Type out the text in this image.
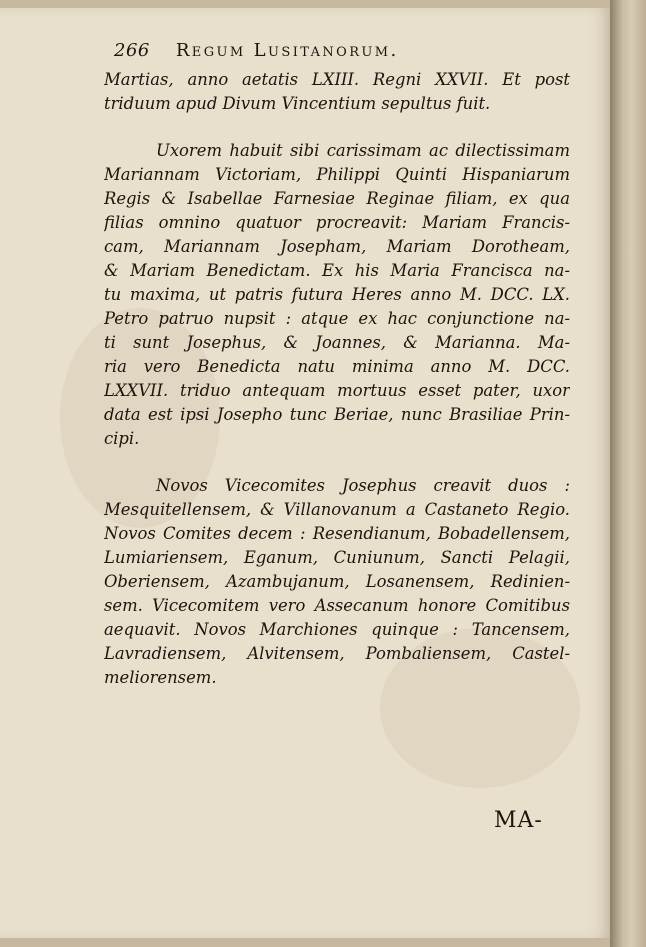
266 Regum Lusitanorum.
Martias, anno aetatis LXIII. Regni XXVII. Et post
triduum apud Divum Vincentium sepultus fuit.
Uxorem habuit sibi carissimam ac dilectissimam
Mariannam Victoriam, Philippi Quinti Hispaniarum
Regis & Isabellae Farnesiae Reginae filiam, ex qua
filias omnino quatuor procreavit: Mariam Francis-
cam, Mariannam Josepham, Mariam Dorotheam,
& Mariam Benedictam. Ex his Maria Francisca na-
tu maxima, ut patris futura Heres anno M. DCC. LX.
Petro patruo nupsit : atque ex hac conjunctione na-
ti sunt Josephus, & Joannes, & Marianna. Ma-
ria vero Benedicta natu minima anno M. DCC.
LXXVII. triduo antequam mortuus esset pater, uxor
data est ipsi Josepho tunc Beriae, nunc Brasiliae Prin-
cipi.
Novos Vicecomites Josephus creavit duos :
Mesquitellensem, & Villanovanum a Castaneto Regio.
Novos Comites decem : Resendianum, Bobadellensem,
Lumiariensem, Eganum, Cuniunum, Sancti Pelagii,
Oberiensem, Azambujanum, Losanensem, Redinien-
sem. Vicecomitem vero Assecanum honore Comitibus
aequavit. Novos Marchiones quinque : Tancensem,
Lavradiensem, Alvitensem, Pombaliensem, Castel-
meliorensem.
MA-
